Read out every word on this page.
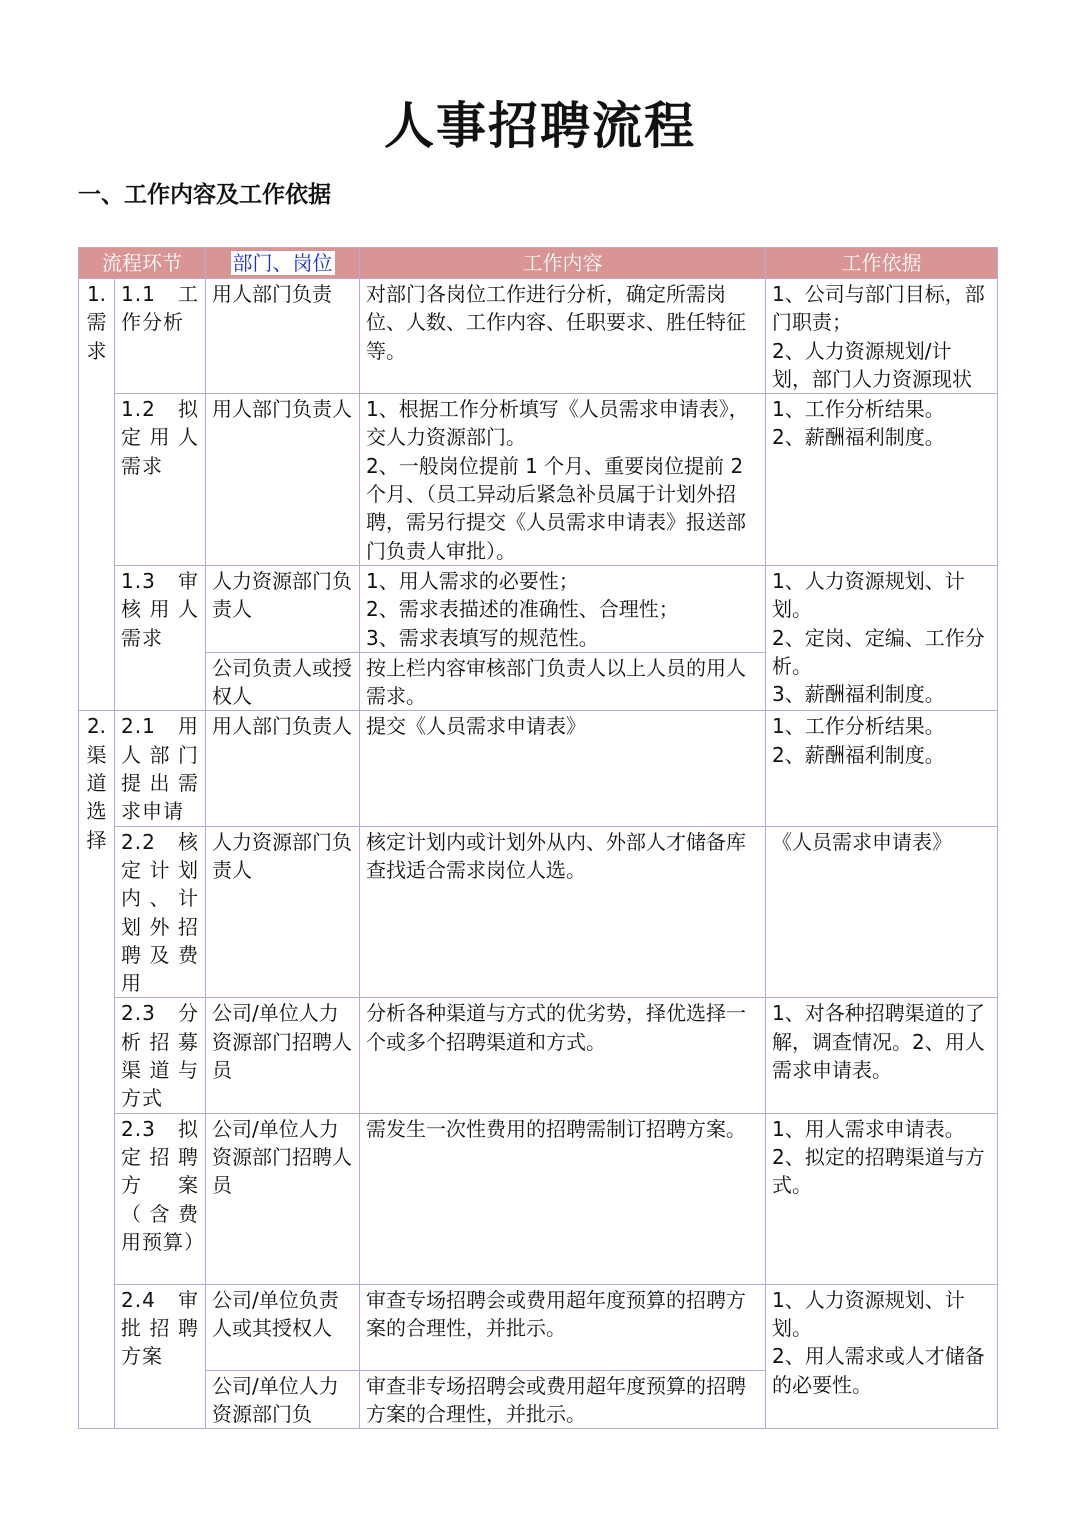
人事招聘流程
一、工作内容及工作依据
流程环节		部门、岗位	工作内容	工作依据
1.需求	1.1 工作分析	用人部门负责	对部门各岗位工作进行分析，确定所需岗位、人数、工作内容、任职要求、胜任特征等。	1、公司与部门目标，部门职责；
2、人力资源规划/计划，部门人力资源现状
	1.2 拟定用人需求	用人部门负责人	1、根据工作分析填写《人员需求申请表》，交人力资源部门。
2、一般岗位提前 1 个月、重要岗位提前 2 个月、（员工异动后紧急补员属于计划外招聘，需另行提交《人员需求申请表》报送部门负责人审批）。	1、工作分析结果。
2、薪酬福利制度。
	1.3 审核用人需求	人力资源部门负责人	1、用人需求的必要性；
2、需求表描述的准确性、合理性；
3、需求表填写的规范性。	1、人力资源规划、计划。
2、定岗、定编、工作分析。
3、薪酬福利制度。
		公司负责人或授权人	按上栏内容审核部门负责人以上人员的用人需求。	
2.渠道选择	2.1 用人部门提出需求申请	用人部门负责人	提交《人员需求申请表》	1、工作分析结果。
2、薪酬福利制度。
	2.2 核定计划内、计划外招聘及费用	人力资源部门负责人	核定计划内或计划外从内、外部人才储备库查找适合需求岗位人选。	《人员需求申请表》
	2.3 分析招募渠道与方式	公司/单位人力资源部门招聘人员	分析各种渠道与方式的优劣势，择优选择一个或多个招聘渠道和方式。	1、对各种招聘渠道的了解，调查情况。2、用人需求申请表。
	2.3 拟定招聘方案（含费用预算）	公司/单位人力资源部门招聘人员	需发生一次性费用的招聘需制订招聘方案。	1、用人需求申请表。
2、拟定的招聘渠道与方式。
	2.4 审批招聘方案	公司/单位负责人或其授权人	审查专场招聘会或费用超年度预算的招聘方案的合理性，并批示。	1、人力资源规划、计划。
2、用人需求或人才储备的必要性。
		公司/单位人力资源部门负	审查非专场招聘会或费用超年度预算的招聘方案的合理性，并批示。	
